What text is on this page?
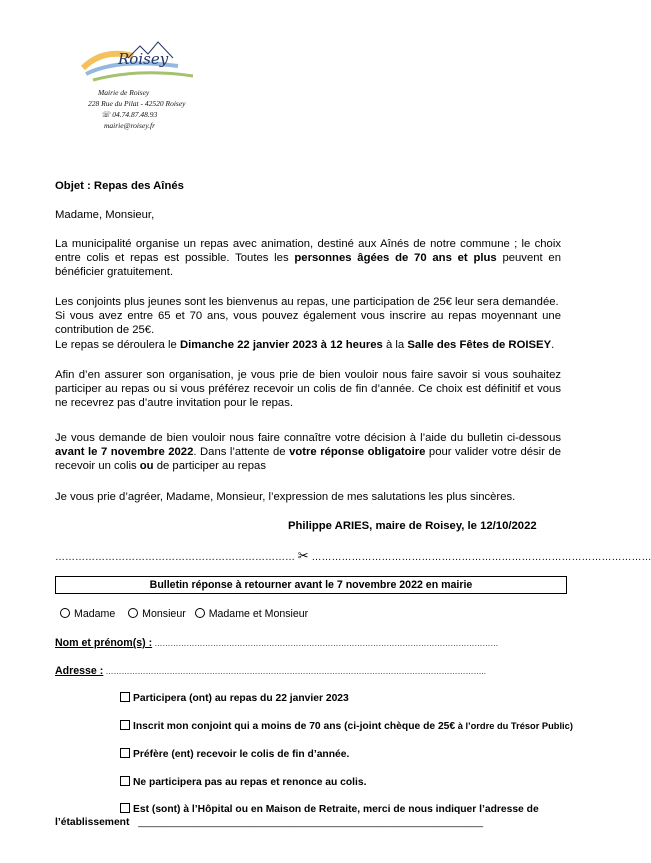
Roisey
Mairie de Roisey
228 Rue du Pilat - 42520 Roisey
☏ 04.74.87.48.93
mairie@roisey.fr
Objet : Repas des Aînés
Madame, Monsieur,
La municipalité organise un repas avec animation, destiné aux Aînés de notre commune ; le choix entre colis et repas est possible. Toutes les personnes âgées de 70 ans et plus peuvent en bénéficier gratuitement.
Les conjoints plus jeunes sont les bienvenus au repas, une participation de 25€ leur sera demandée.
Si vous avez entre 65 et 70 ans, vous pouvez également vous inscrire au repas moyennant une contribution de 25€.
Le repas se déroulera le Dimanche 22 janvier 2023 à 12 heures à la Salle des Fêtes de ROISEY.
Afin d’en assurer son organisation, je vous prie de bien vouloir nous faire savoir si vous souhaitez participer au repas ou si vous préférez recevoir un colis de fin d’année. Ce choix est définitif et vous ne recevrez pas d’autre invitation pour le repas.
Je vous demande de bien vouloir nous faire connaître votre décision à l’aide du bulletin ci-dessous avant le 7 novembre 2022. Dans l’attente de votre réponse obligatoire pour valider votre désir de recevoir un colis ou de participer au repas
Je vous prie d’agréer, Madame, Monsieur, l’expression de mes salutations les plus sincères.
Philippe ARIES, maire de Roisey, le 12/10/2022
……………………………………………………………… ✂ …………………………………………………………………………………………
Bulletin réponse à retourner avant le 7 novembre 2022 en mairie
Madame	Monsieur Madame et Monsieur
Nom et prénom(s) : …………………………………………………………………………………………………………………
Adresse : ……………………………………………………………………………………………………………………………..
Participera (ont) au repas du 22 janvier 2023
Inscrit mon conjoint qui a moins de 70 ans (ci-joint chèque de 25€ à l’ordre du Trésor Public)
Préfère (ent) recevoir le colis de fin d’année.
Ne participera pas au repas et renonce au colis.
Est (sont) à l’Hôpital ou en Maison de Retraite, merci de nous indiquer l’adresse de
l’établissement ______________________________________________________________
